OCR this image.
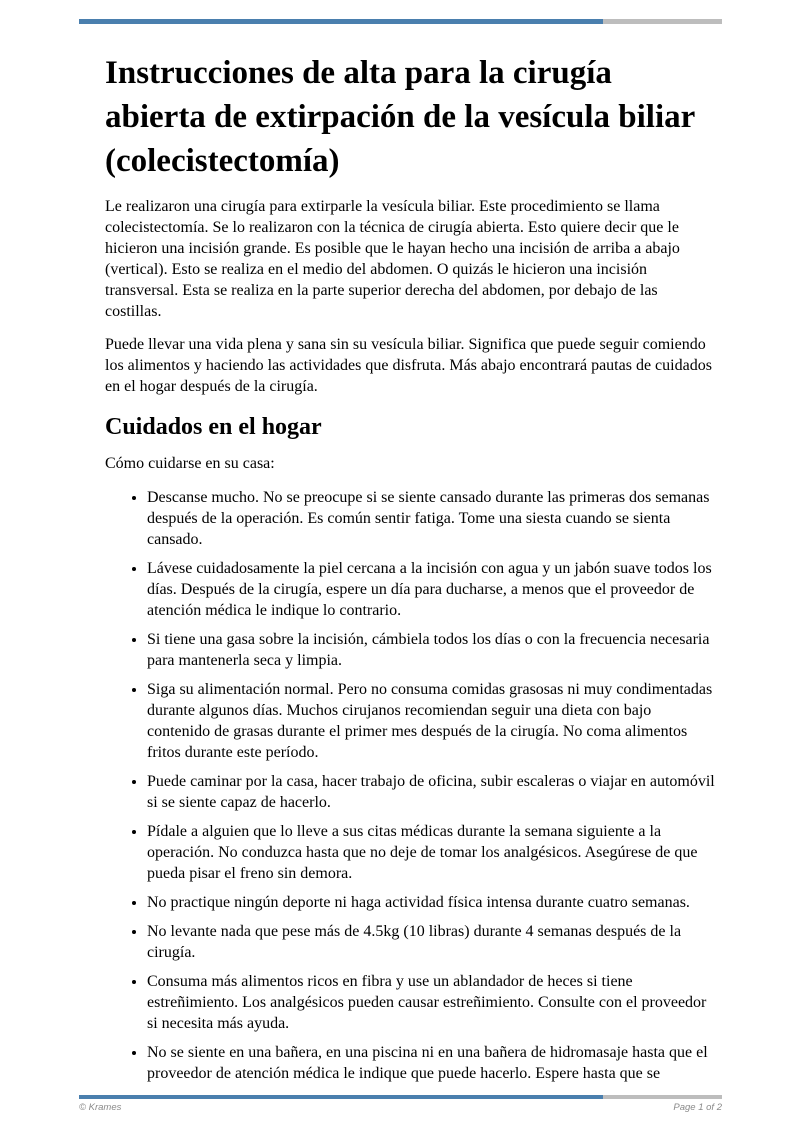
Instrucciones de alta para la cirugía
abierta de extirpación de la vesícula biliar
(colecistectomía)

Le realizaron una cirugía para extirparle la vesícula biliar. Este procedimiento se llama colecistectomía. Se lo realizaron con la técnica de cirugía abierta. Esto quiere decir que le hicieron una incisión grande. Es posible que le hayan hecho una incisión de arriba a abajo (vertical). Esto se realiza en el medio del abdomen. O quizás le hicieron una incisión transversal. Esta se realiza en la parte superior derecha del abdomen, por debajo de las costillas.

Puede llevar una vida plena y sana sin su vesícula biliar. Significa que puede seguir comiendo los alimentos y haciendo las actividades que disfruta. Más abajo encontrará pautas de cuidados en el hogar después de la cirugía.

Cuidados en el hogar

Cómo cuidarse en su casa:

• Descanse mucho. No se preocupe si se siente cansado durante las primeras dos semanas después de la operación. Es común sentir fatiga. Tome una siesta cuando se sienta cansado.
• Lávese cuidadosamente la piel cercana a la incisión con agua y un jabón suave todos los días. Después de la cirugía, espere un día para ducharse, a menos que el proveedor de atención médica le indique lo contrario.
• Si tiene una gasa sobre la incisión, cámbiela todos los días o con la frecuencia necesaria para mantenerla seca y limpia.
• Siga su alimentación normal. Pero no consuma comidas grasosas ni muy condimentadas durante algunos días. Muchos cirujanos recomiendan seguir una dieta con bajo contenido de grasas durante el primer mes después de la cirugía. No coma alimentos fritos durante este período.
• Puede caminar por la casa, hacer trabajo de oficina, subir escaleras o viajar en automóvil si se siente capaz de hacerlo.
• Pídale a alguien que lo lleve a sus citas médicas durante la semana siguiente a la operación. No conduzca hasta que no deje de tomar los analgésicos. Asegúrese de que pueda pisar el freno sin demora.
• No practique ningún deporte ni haga actividad física intensa durante cuatro semanas.
• No levante nada que pese más de 4.5kg (10 libras) durante 4 semanas después de la cirugía.
• Consuma más alimentos ricos en fibra y use un ablandador de heces si tiene estreñimiento. Los analgésicos pueden causar estreñimiento. Consulte con el proveedor si necesita más ayuda.
• No se siente en una bañera, en una piscina ni en una bañera de hidromasaje hasta que el proveedor de atención médica le indique que puede hacerlo. Espere hasta que se
© Krames	Page 1 of 2
